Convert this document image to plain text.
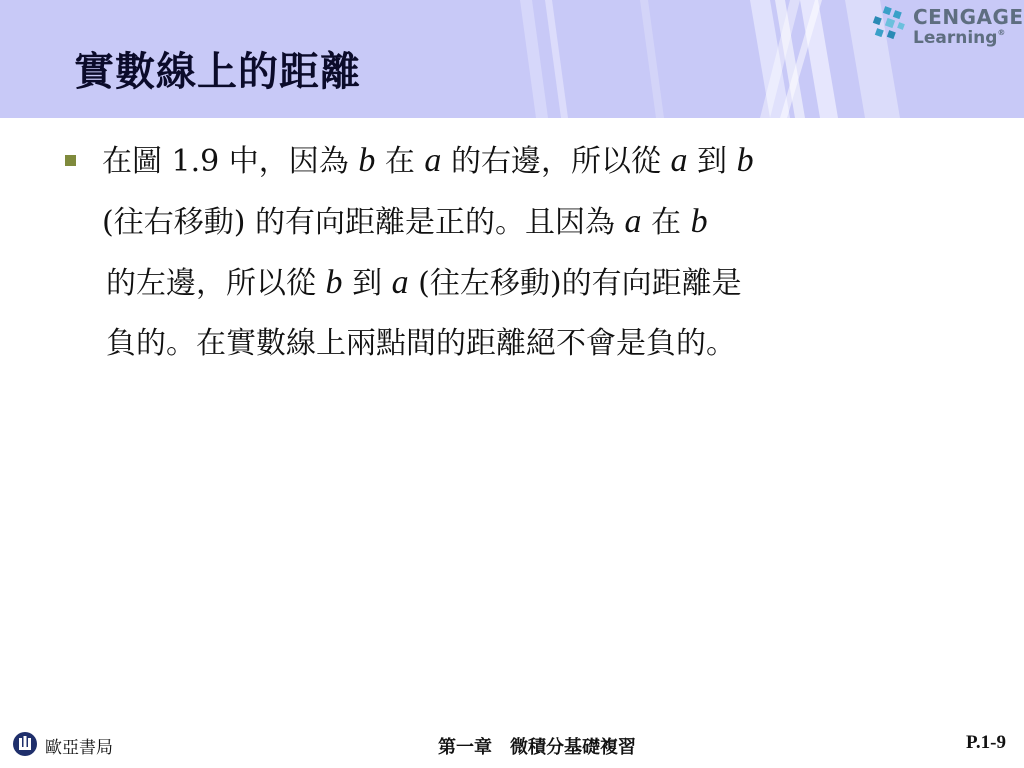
實數線上的距離
CENGAGE
Learning®
在圖 1.9 中，因為 b 在 a 的右邊，所以從 a 到 b
(往右移動) 的有向距離是正的。且因為 a 在 b
的左邊，所以從 b 到 a (往左移動)的有向距離是
負的。在實數線上兩點間的距離絕不會是負的。
歐亞書局	第一章　微積分基礎複習	P.1-9
